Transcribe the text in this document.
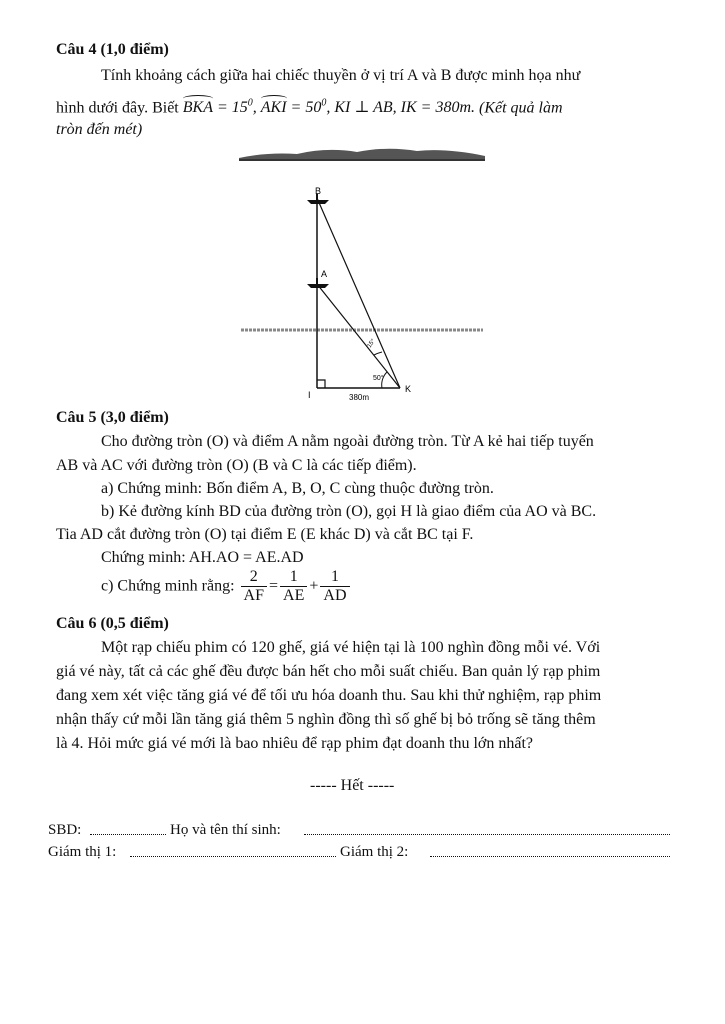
Câu 4 (1,0 điểm)
Tính khoảng cách giữa hai chiếc thuyền ở vị trí A và B được minh họa như
hình dưới đây. Biết BKA = $15^0$, AKI = $50^0$, KI ⊥ AB, IK = 380m. (Kết quả làm
tròn đến mét)
B
A
I
K
15°
50°
380m
Câu 5 (3,0 điểm)
Cho đường tròn (O) và điểm A nằm ngoài đường tròn. Từ A kẻ hai tiếp tuyến
AB và AC với đường tròn (O) (B và C là các tiếp điểm).
a) Chứng minh: Bốn điểm A, B, O, C cùng thuộc đường tròn.
b) Kẻ đường kính BD của đường tròn (O), gọi H là giao điểm của AO và BC.
Tia AD cắt đường tròn (O) tại điểm E (E khác D) và cắt BC tại F.
Chứng minh: AH.AO = AE.AD
c) Chứng minh rằng: $\frac{2}{AF} = \frac{1}{AE} + \frac{1}{AD}$
Câu 6 (0,5 điểm)
Một rạp chiếu phim có 120 ghế, giá vé hiện tại là 100 nghìn đồng mỗi vé. Với
giá vé này, tất cả các ghế đều được bán hết cho mỗi suất chiếu. Ban quản lý rạp phim
đang xem xét việc tăng giá vé để tối ưu hóa doanh thu. Sau khi thử nghiệm, rạp phim
nhận thấy cứ mỗi lần tăng giá thêm 5 nghìn đồng thì số ghế bị bỏ trống sẽ tăng thêm
là 4. Hỏi mức giá vé mới là bao nhiêu để rạp phim đạt doanh thu lớn nhất?
----- Hết -----
SBD:	Họ và tên thí sinh:
Giám thị 1:	Giám thị 2:
